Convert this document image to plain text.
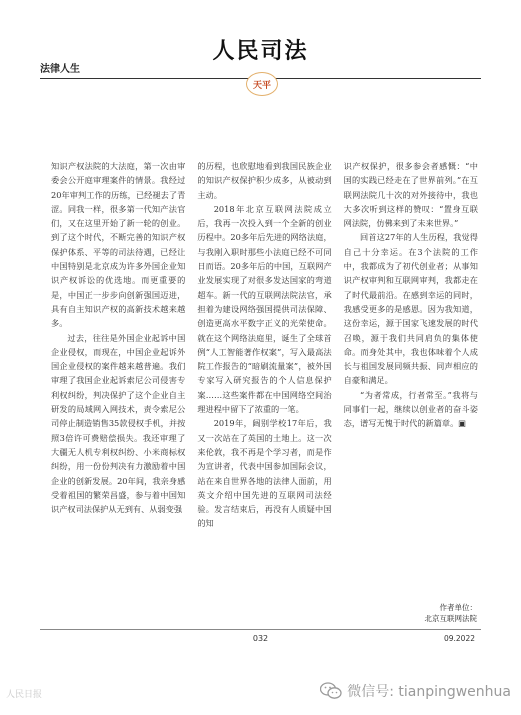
法律人生
人民司法
天平

知识产权法院的大法庭，第一次由审委会公开庭审理案件的情景。我经过20年审判工作的历练，已经褪去了青涩。同我一样，很多第一代知产法官们，又在这里开始了新一轮的创业。到了这个时代，不断完善的知识产权保护体系、平等的司法待遇，已经让中国特别是北京成为许多外国企业知识产权诉讼的优选地。而更重要的是，中国正一步步向创新强国迈进，具有自主知识产权的高新技术越来越多。

过去，往往是外国企业起诉中国企业侵权，而现在，中国企业起诉外国企业侵权的案件越来越普遍。我们审理了我国企业起诉索尼公司侵害专利权纠纷，判决保护了这个企业自主研发的局域网入网技术，责令索尼公司停止制造销售35款侵权手机，并按照3倍许可费赔偿损失。我还审理了大疆无人机专利权纠纷、小米商标权纠纷，用一份份判决有力激励着中国企业的创新发展。20年间，我亲身感受着祖国的繁荣昌盛，参与着中国知识产权司法保护从无到有、从弱变强

的历程，也欣慰地看到我国民族企业的知识产权保护积少成多，从被动到主动。

2018年北京互联网法院成立后，我再一次投入到一个全新的创业历程中。20多年后先进的网络法庭，与我刚入职时那些小法庭已经不可同日而语。20多年后的中国，互联网产业发展实现了对很多发达国家的弯道超车。新一代的互联网法院法官，承担着为建设网络强国提供司法保障、创造更高水平数字正义的光荣使命。就在这个网络法庭里，诞生了全球首例“人工智能著作权案”，写入最高法院工作报告的“暗刷流量案”，被外国专家写入研究报告的个人信息保护案……这些案件都在中国网络空间治理进程中留下了浓重的一笔。

2019年，阔别学校17年后，我又一次站在了英国的土地上。这一次来伦敦，我不再是个学习者，而是作为宣讲者，代表中国参加国际会议，站在来自世界各地的法律人面前，用英文介绍中国先进的互联网司法经验。发言结束后，再没有人质疑中国的知

识产权保护，很多参会者感慨：“中国的实践已经走在了世界前列。”在互联网法院几十次的对外接待中，我也大多次听到这样的赞叹：“置身互联网法院，仿佛来到了未来世界。”

回首这27年的人生历程，我觉得自己十分幸运。在3个法院的工作中，我都成为了初代创业者；从事知识产权审判和互联网审判，我都走在了时代最前沿。在感到幸运的同时，我感受更多的是感恩。因为我知道，这份幸运，源于国家飞速发展的时代召唤，源于我们共同肩负的集体使命。而身处其中，我也体味着个人成长与祖国发展同频共振、同声相应的自豪和满足。

“为者常成，行者常至。”我将与同事们一起，继续以创业者的奋斗姿态，谱写无愧于时代的新篇章。▣

作者单位：
北京互联网法院
032	09.2022
人民日报	微信号: tianpingwenhua
